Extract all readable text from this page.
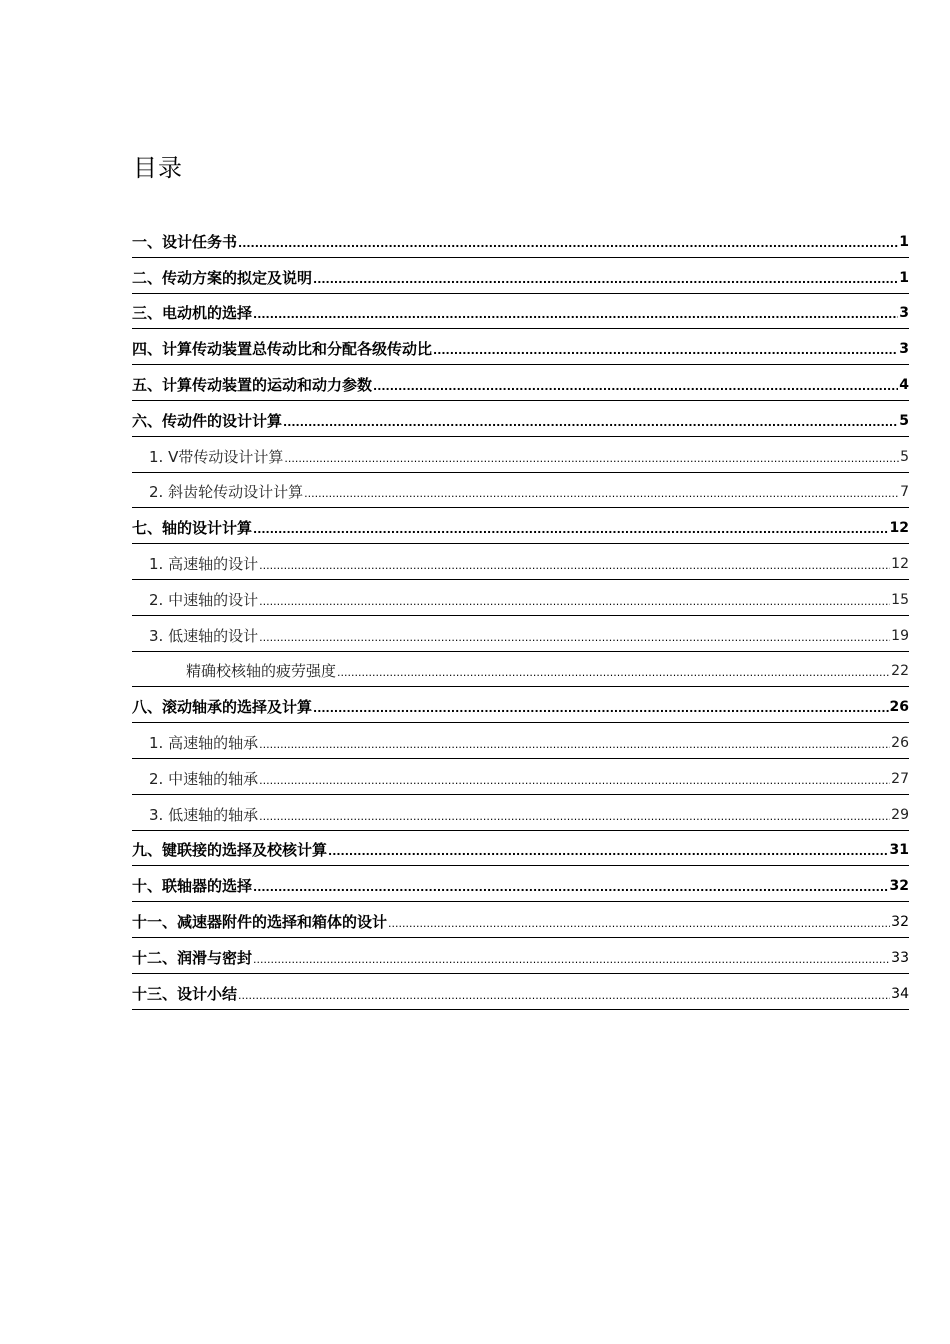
目录
一、设计任务书 .....	1
二、传动方案的拟定及说明 .....	1
三、电动机的选择 .....	3
四、计算传动装置总传动比和分配各级传动比 .....	3
五、计算传动装置的运动和动力参数 .....	4
六、传动件的设计计算 .....	5
1. V带传动设计计算 .....	5
2. 斜齿轮传动设计计算 .....	7
七、轴的设计计算 .....	12
1. 高速轴的设计 .....	12
2. 中速轴的设计 .....	15
3. 低速轴的设计 .....	19
精确校核轴的疲劳强度 .....	22
八、滚动轴承的选择及计算 .....	26
1. 高速轴的轴承 .....	26
2. 中速轴的轴承 .....	27
3. 低速轴的轴承 .....	29
九、键联接的选择及校核计算 .....	31
十、联轴器的选择 .....	32
十一、减速器附件的选择和箱体的设计 .....	32
十二、润滑与密封 .....	33
十三、设计小结 .....	34
